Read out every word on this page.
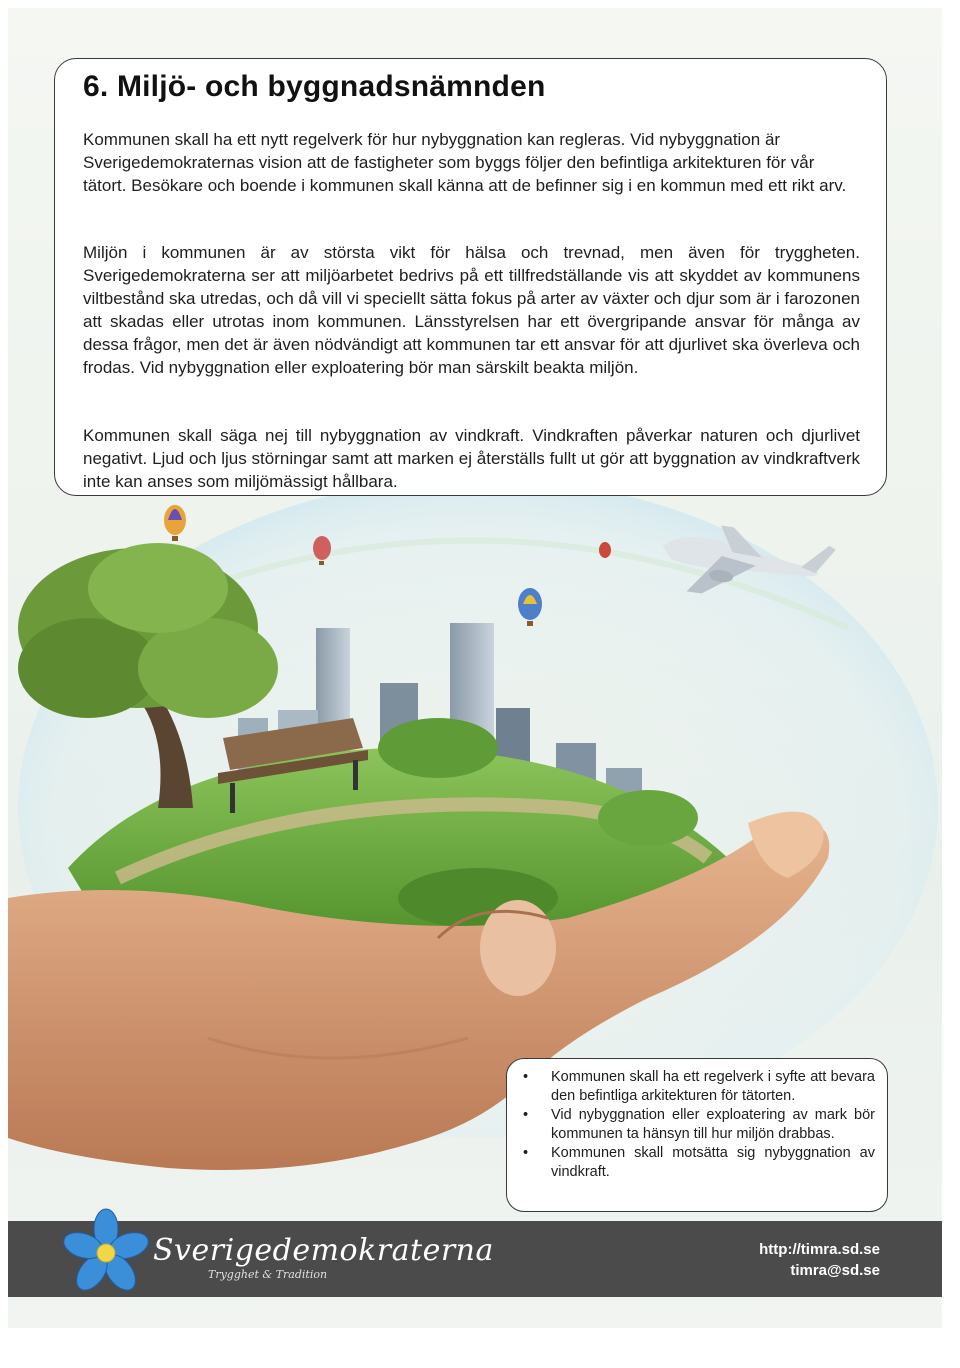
6. Miljö- och byggnadsnämnden

Kommunen skall ha ett nytt regelverk för hur nybyggnation kan regleras. Vid nybyggnation är Sverigedemokraternas vision att de fastigheter som byggs följer den befintliga arkitekturen för vår tätort. Besökare och boende i kommunen skall känna att de befinner sig i en kommun med ett rikt arv.

Miljön i kommunen är av största vikt för hälsa och trevnad, men även för tryggheten. Sverigedemokraterna ser att miljöarbetet bedrivs på ett tillfredställande vis att skyddet av kommunens viltbestånd ska utredas, och då vill vi speciellt sätta fokus på arter av växter och djur som är i farozonen att skadas eller utrotas inom kommunen. Länsstyrelsen har ett övergripande ansvar för många av dessa frågor, men det är även nödvändigt att kommunen tar ett ansvar för att djurlivet ska överleva och frodas. Vid nybyggnation eller exploatering bör man särskilt beakta miljön.

Kommunen skall säga nej till nybyggnation av vindkraft. Vindkraften påverkar naturen och djurlivet negativt. Ljud och ljus störningar samt att marken ej återställs fullt ut gör att byggnation av vindkraftverk inte kan anses som miljömässigt hållbara.

• Kommunen skall ha ett regelverk i syfte att bevara den befintliga arkitekturen för tätorten.
• Vid nybyggnation eller exploatering av mark bör kommunen ta hänsyn till hur miljön drabbas.
• Kommunen skall motsätta sig nybyggnation av vindkraft.

Sverigedemokraterna

Trygghet & Tradition

http://timra.sd.se

timra@sd.se
